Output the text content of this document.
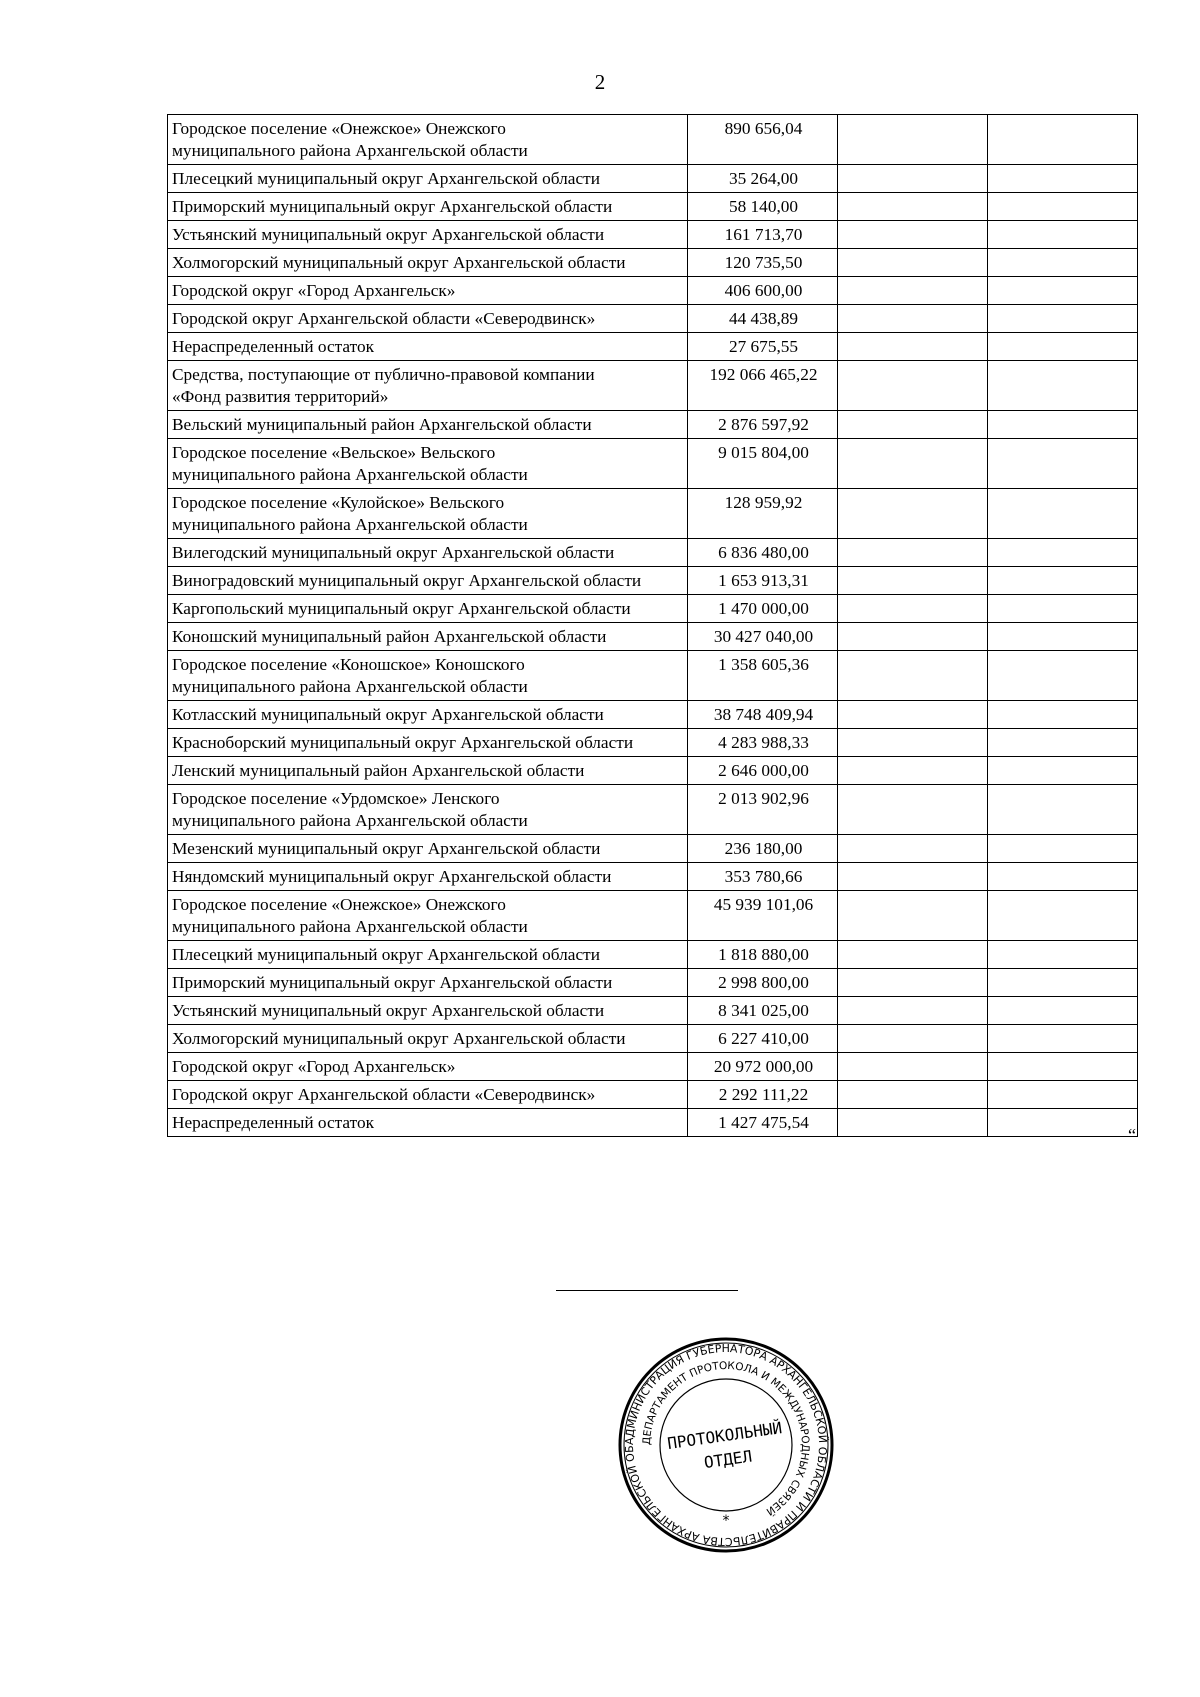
2
Городское поселение «Онежское» Онежского
муниципального района Архангельской области	890 656,04		

Плесецкий муниципальный округ Архангельской области	35 264,00		

Приморский муниципальный округ Архангельской области	58 140,00		

Устьянский муниципальный округ Архангельской области	161 713,70		

Холмогорский муниципальный округ Архангельской области	120 735,50		

Городской округ «Город Архангельск»	406 600,00		

Городской округ Архангельской области «Северодвинск»	44 438,89		

Нераспределенный остаток	27 675,55		

Средства, поступающие от публично-правовой компании
«Фонд развития территорий»	192 066 465,22		

Вельский муниципальный район Архангельской области	2 876 597,92		

Городское поселение «Вельское» Вельского
муниципального района Архангельской области	9 015 804,00		

Городское поселение «Кулойское» Вельского
муниципального района Архангельской области	128 959,92		

Вилегодский муниципальный округ Архангельской области	6 836 480,00		

Виноградовский муниципальный округ Архангельской области	1 653 913,31		

Каргопольский муниципальный округ Архангельской области	1 470 000,00		

Коношский муниципальный район Архангельской области	30 427 040,00		

Городское поселение «Коношское» Коношского
муниципального района Архангельской области	1 358 605,36		

Котласский муниципальный округ Архангельской области	38 748 409,94		

Красноборский муниципальный округ Архангельской области	4 283 988,33		

Ленский муниципальный район Архангельской области	2 646 000,00		

Городское поселение «Урдомское» Ленского
муниципального района Архангельской области	2 013 902,96		

Мезенский муниципальный округ Архангельской области	236 180,00		

Няндомский муниципальный округ Архангельской области	353 780,66		

Городское поселение «Онежское» Онежского
муниципального района Архангельской области	45 939 101,06		

Плесецкий муниципальный округ Архангельской области	1 818 880,00		

Приморский муниципальный округ Архангельской области	2 998 800,00		

Устьянский муниципальный округ Архангельской области	8 341 025,00		

Холмогорский муниципальный округ Архангельской области	6 227 410,00		

Городской округ «Город Архангельск»	20 972 000,00		

Городской округ Архангельской области «Северодвинск»	2 292 111,22		

Нераспределенный остаток	1 427 475,54		
“
АДМИНИСТРАЦИЯ ГУБЕРНАТОРА АРХАНГЕЛЬСКОЙ ОБЛАСТИ И ПРАВИТЕЛЬСТВА АРХАНГЕЛЬСКОЙ ОБ
ДЕПАРТАМЕНТ ПРОТОКОЛА И МЕЖДУНАРОДНЫХ СВЯЗЕЙ
ПРОТОКОЛЬНЫЙ
ОТДЕЛ
*
